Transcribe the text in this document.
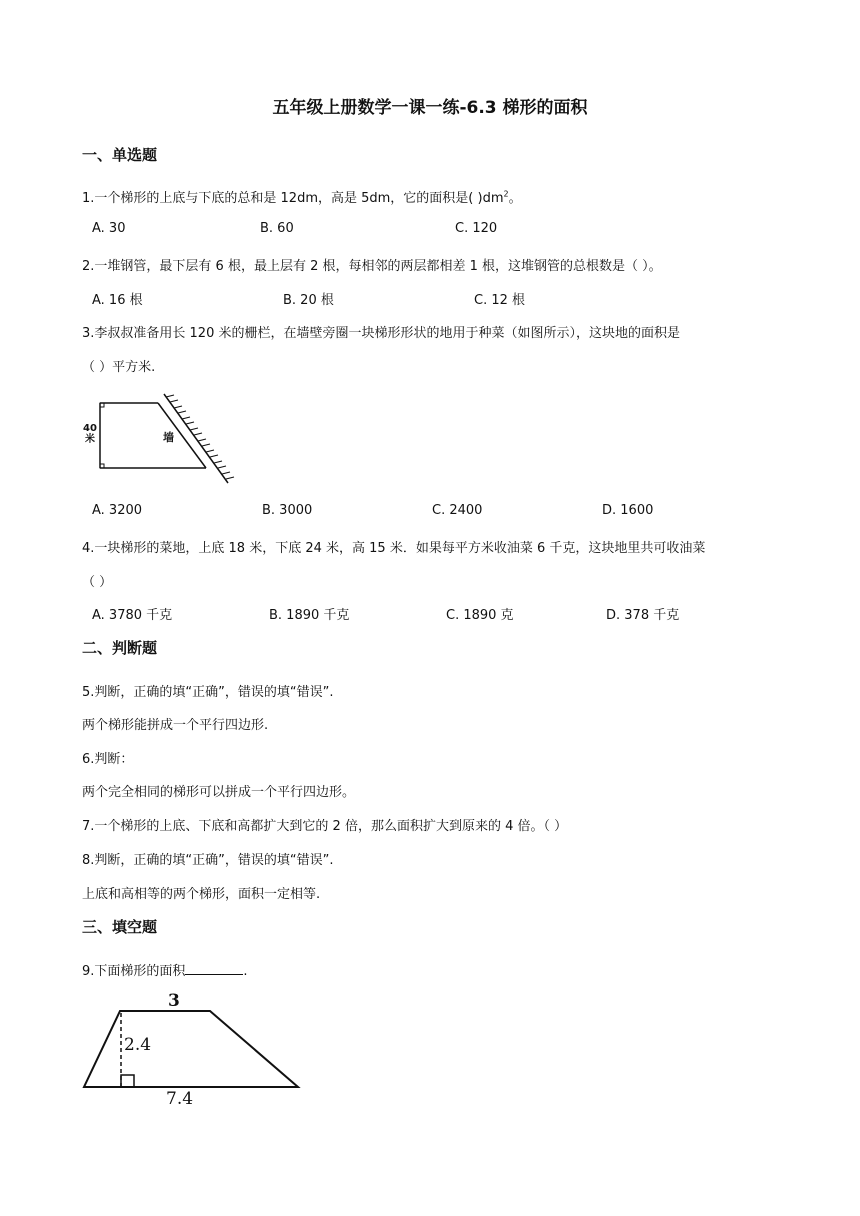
五年级上册数学一课一练-6.3 梯形的面积
一、单选题
1.一个梯形的上底与下底的总和是 12dm，高是 5dm，它的面积是( )$dm^2$。
A. 30	B. 60	C. 120
2.一堆钢管，最下层有 6 根，最上层有 2 根，每相邻的两层都相差 1 根，这堆钢管的总根数是（ ）。
A. 16 根	B. 20 根	C. 12 根
3.李叔叔准备用长 120 米的栅栏，在墙壁旁圈一块梯形形状的地用于种菜（如图所示），这块地的面积是
（ ）平方米.
40 米	墙
A. 3200	B. 3000	C. 2400	D. 1600
4.一块梯形的菜地，上底 18 米，下底 24 米，高 15 米．如果每平方米收油菜 6 千克，这块地里共可收油菜
（ ）
A. 3780 千克	B. 1890 千克	C. 1890 克	D. 378 千克
二、判断题
5.判断，正确的填“正确”，错误的填“错误”.
两个梯形能拼成一个平行四边形.
6.判断：
两个完全相同的梯形可以拼成一个平行四边形。
7.一个梯形的上底、下底和高都扩大到它的 2 倍，那么面积扩大到原来的 4 倍。（ ）
8.判断，正确的填“正确”，错误的填“错误”.
上底和高相等的两个梯形，面积一定相等.
三、填空题
9.下面梯形的面积	.
3
2.4
7.4
